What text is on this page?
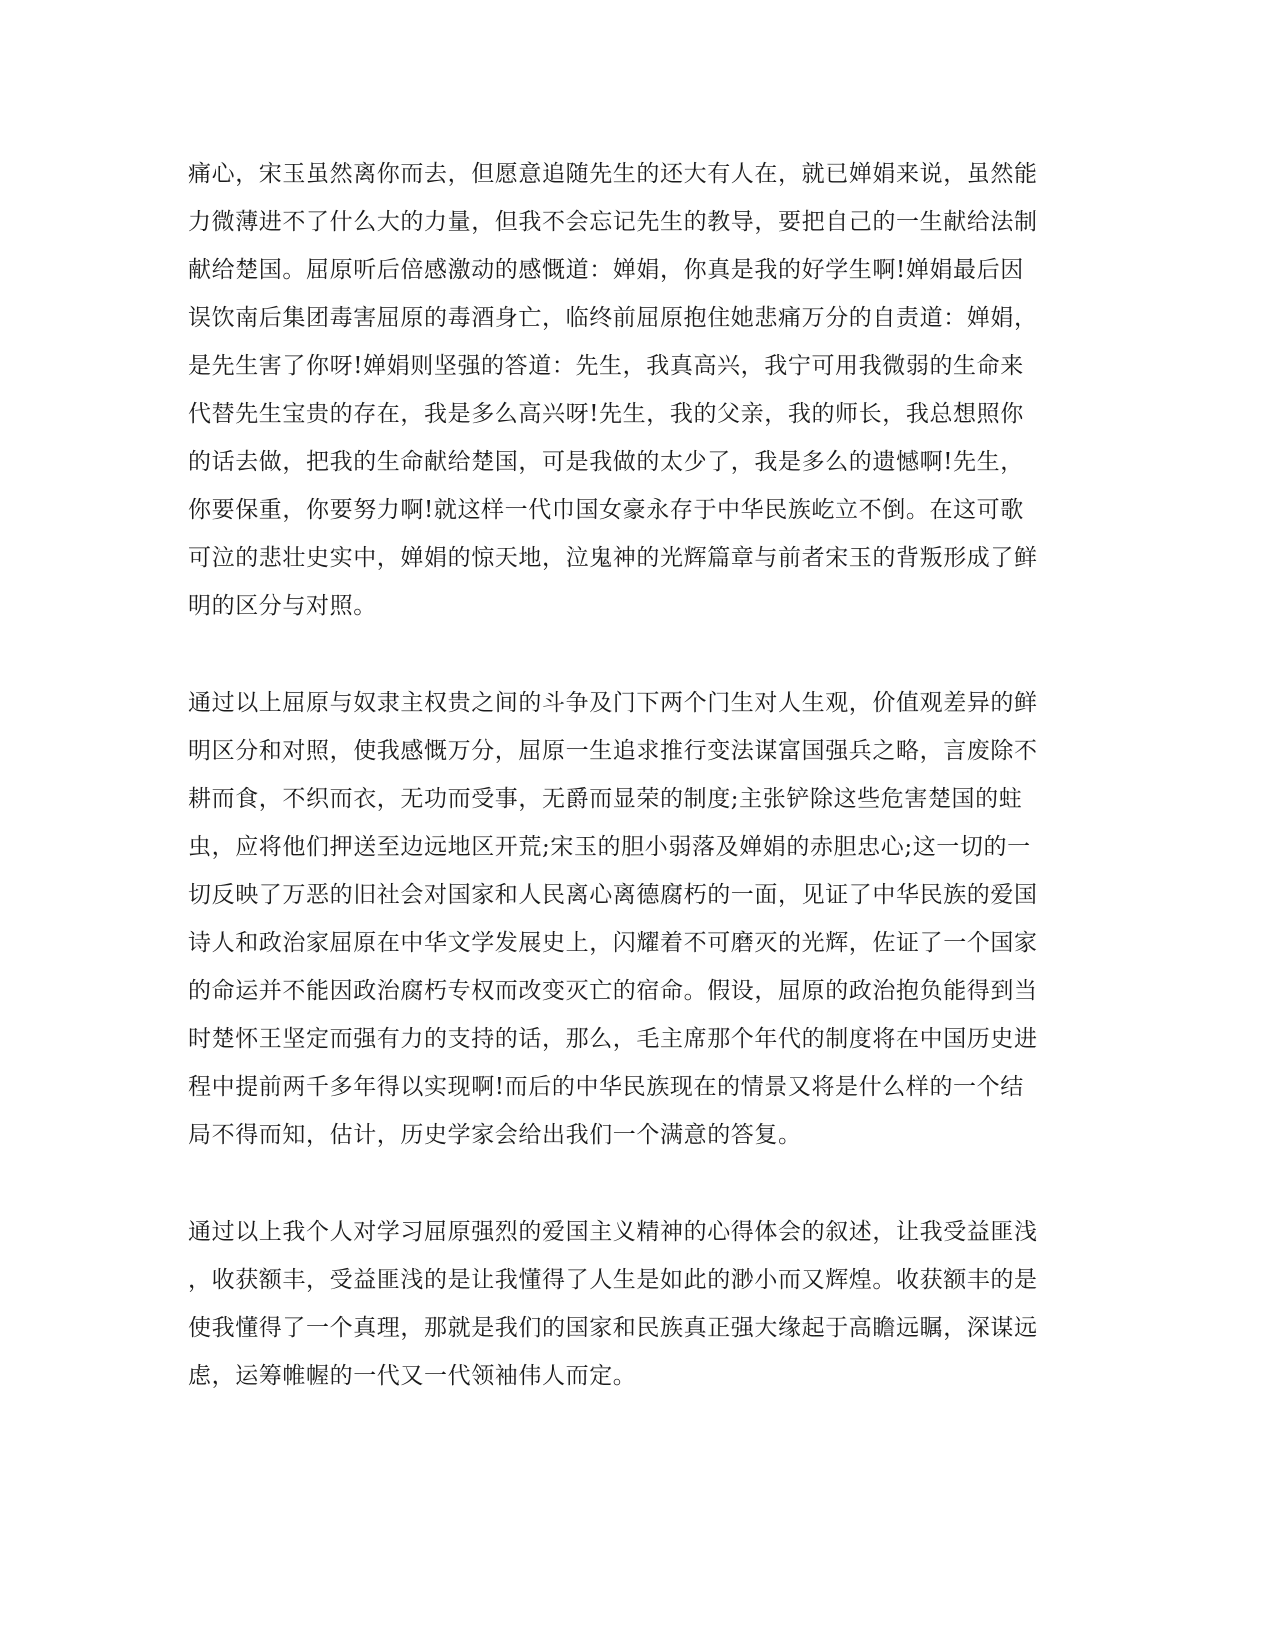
痛心，宋玉虽然离你而去，但愿意追随先生的还大有人在，就已婵娟来说，虽然能
力微薄进不了什么大的力量，但我不会忘记先生的教导，要把自己的一生献给法制
献给楚国。屈原听后倍感激动的感慨道：婵娟，你真是我的好学生啊!婵娟最后因
误饮南后集团毒害屈原的毒酒身亡，临终前屈原抱住她悲痛万分的自责道：婵娟，
是先生害了你呀!婵娟则坚强的答道：先生，我真高兴，我宁可用我微弱的生命来
代替先生宝贵的存在，我是多么高兴呀!先生，我的父亲，我的师长，我总想照你
的话去做，把我的生命献给楚国，可是我做的太少了，我是多么的遗憾啊!先生，
你要保重，你要努力啊!就这样一代巾国女豪永存于中华民族屹立不倒。在这可歌
可泣的悲壮史实中，婵娟的惊天地，泣鬼神的光辉篇章与前者宋玉的背叛形成了鲜
明的区分与对照。
通过以上屈原与奴隶主权贵之间的斗争及门下两个门生对人生观，价值观差异的鲜
明区分和对照，使我感慨万分，屈原一生追求推行变法谋富国强兵之略，言废除不
耕而食，不织而衣，无功而受事，无爵而显荣的制度;主张铲除这些危害楚国的蛀
虫，应将他们押送至边远地区开荒;宋玉的胆小弱落及婵娟的赤胆忠心;这一切的一
切反映了万恶的旧社会对国家和人民离心离德腐朽的一面，见证了中华民族的爱国
诗人和政治家屈原在中华文学发展史上，闪耀着不可磨灭的光辉，佐证了一个国家
的命运并不能因政治腐朽专权而改变灭亡的宿命。假设，屈原的政治抱负能得到当
时楚怀王坚定而强有力的支持的话，那么，毛主席那个年代的制度将在中国历史进
程中提前两千多年得以实现啊!而后的中华民族现在的情景又将是什么样的一个结
局不得而知，估计，历史学家会给出我们一个满意的答复。
通过以上我个人对学习屈原强烈的爱国主义精神的心得体会的叙述，让我受益匪浅
，收获额丰，受益匪浅的是让我懂得了人生是如此的渺小而又辉煌。收获额丰的是
使我懂得了一个真理，那就是我们的国家和民族真正强大缘起于高瞻远瞩，深谋远
虑，运筹帷幄的一代又一代领袖伟人而定。
